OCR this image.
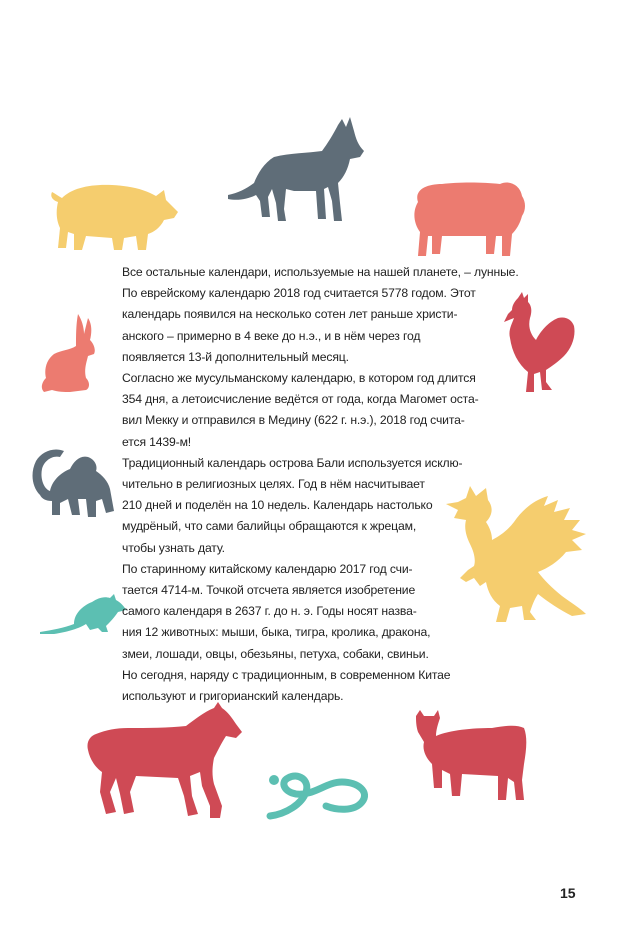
Все остальные календари, используемые на нашей планете, – лунные.
По еврейскому календарю 2018 год считается 5778 годом. Этот
календарь появился на несколько сотен лет раньше христи-
анского – примерно в 4 веке до н.э., и в нём через год
появляется 13-й дополнительный месяц.
Согласно же мусульманскому календарю, в котором год длится
354 дня, а летоисчисление ведётся от года, когда Магомет оста-
вил Мекку и отправился в Медину (622 г. н.э.), 2018 год счита-
ется 1439-м!
Традиционный календарь острова Бали используется исклю-
чительно в религиозных целях. Год в нём насчитывает
210 дней и поделён на 10 недель. Календарь настолько
мудрёный, что сами балийцы обращаются к жрецам,
чтобы узнать дату.
По старинному китайскому календарю 2017 год счи-
тается 4714-м. Точкой отсчета является изобретение
самого календаря в 2637 г. до н. э. Годы носят назва-
ния 12 животных: мыши, быка, тигра, кролика, дракона,
змеи, лошади, овцы, обезьяны, петуха, собаки, свиньи.
Но сегодня, наряду с традиционным, в современном Китае
используют и григорианский календарь.
15
